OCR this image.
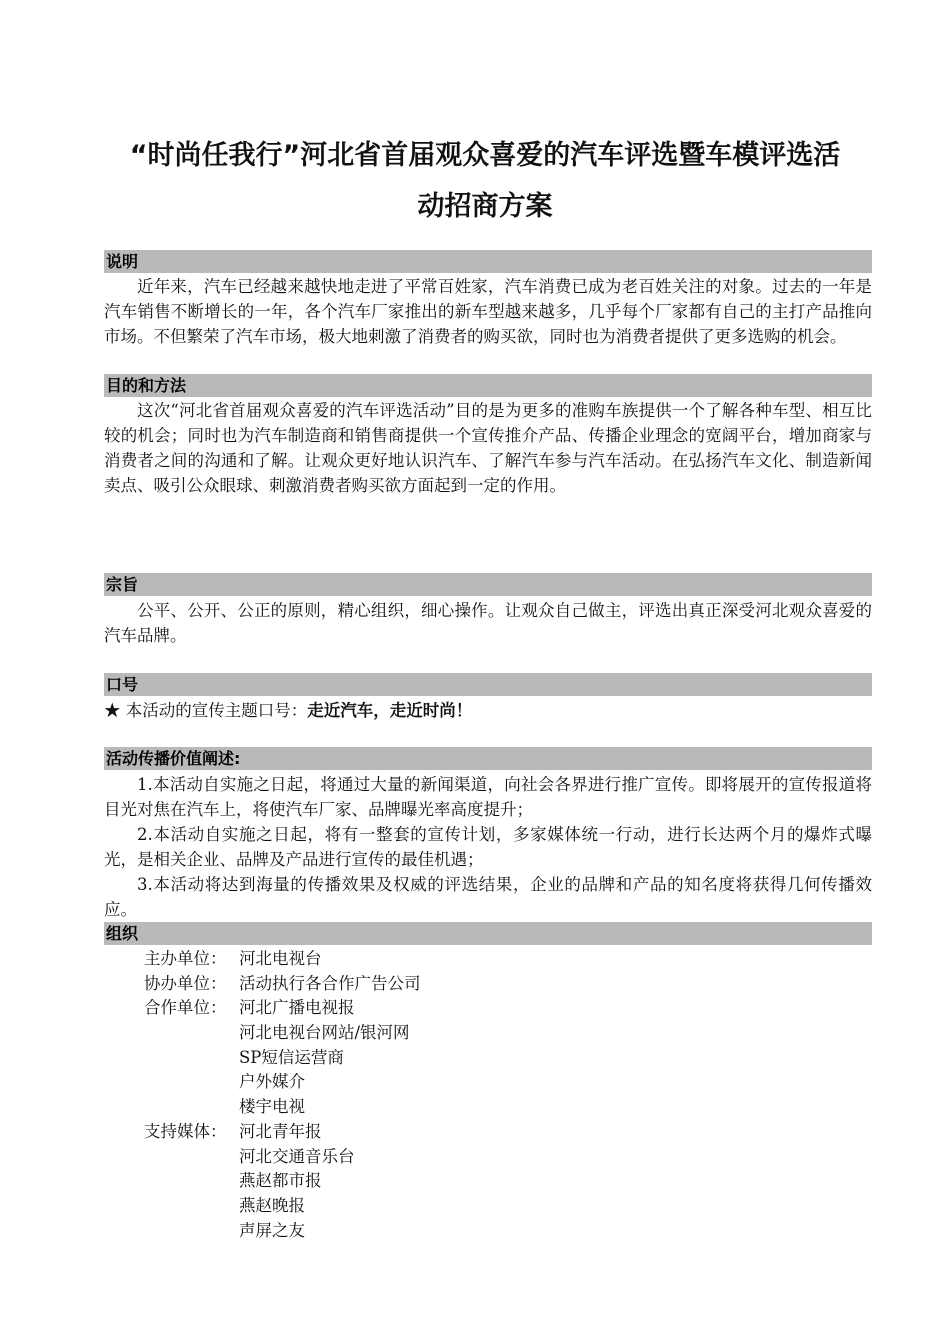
“时尚任我行”河北省首届观众喜爱的汽车评选暨车模评选活
动招商方案
说明

近年来，汽车已经越来越快地走进了平常百姓家，汽车消费已成为老百姓关注的对象。过去的一年是汽车销售不断增长的一年，各个汽车厂家推出的新车型越来越多，几乎每个厂家都有自己的主打产品推向市场。不但繁荣了汽车市场，极大地刺激了消费者的购买欲，同时也为消费者提供了更多选购的机会。

目的和方法

这次“河北省首届观众喜爱的汽车评选活动”目的是为更多的准购车族提供一个了解各种车型、相互比较的机会；同时也为汽车制造商和销售商提供一个宣传推介产品、传播企业理念的宽阔平台，增加商家与消费者之间的沟通和了解。让观众更好地认识汽车、了解汽车参与汽车活动。在弘扬汽车文化、制造新闻卖点、吸引公众眼球、刺激消费者购买欲方面起到一定的作用。

宗旨

公平、公开、公正的原则，精心组织，细心操作。让观众自己做主，评选出真正深受河北观众喜爱的汽车品牌。

口号

★ 本活动的宣传主题口号：走近汽车，走近时尚！

活动传播价值阐述:

1.本活动自实施之日起，将通过大量的新闻渠道，向社会各界进行推广宣传。即将展开的宣传报道将目光对焦在汽车上，将使汽车厂家、品牌曝光率高度提升；

2.本活动自实施之日起，将有一整套的宣传计划，多家媒体统一行动，进行长达两个月的爆炸式曝光，是相关企业、品牌及产品进行宣传的最佳机遇；

3.本活动将达到海量的传播效果及权威的评选结果，企业的品牌和产品的知名度将获得几何传播效应。

组织
主办单位： 河北电视台
协办单位： 活动执行各合作广告公司
合作单位： 河北广播电视报
河北电视台网站/银河网
SP短信运营商
户外媒介
楼宇电视
支持媒体： 河北青年报
河北交通音乐台
燕赵都市报
燕赵晚报
声屏之友
